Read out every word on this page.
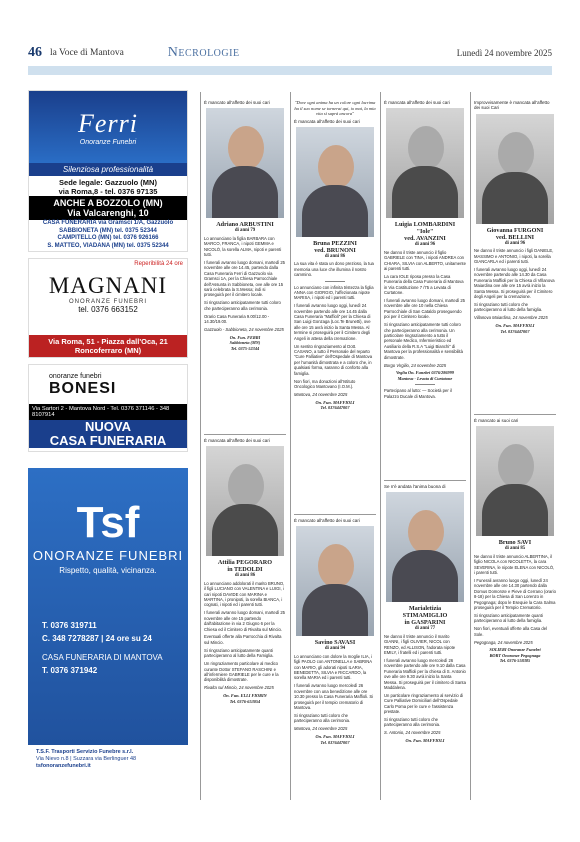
46 la Voce di Mantova	Necrologie	Lunedì 24 novembre 2025
Ferri
Onoranze Funebri
Silenziosa professionalità
Sede legale: Gazzuolo (MN)
via Roma,8 - tel. 0376 97135
ANCHE A BOZZOLO (MN)
Via Valcarenghi, 10
CASA FUNERARIA via Gramsci 1/A, Gazzuolo
SABBIONETA (MN) tel. 0375 52344
CAMPITELLO (MN) tel. 0376 926166
S. MATTEO, VIADANA (MN) tel. 0375 52344
Reperibilità 24 ore
MAGNANI
ONORANZE FUNEBRI
tel. 0376 663152
Via Roma, 51 - Piazza dall'Oca, 21
Roncoferraro (MN)
onoranze funebri
BONESI
Via Sartori 2 - Mantova Nord - Tel. 0376 371146 - 348 8107914
NUOVA
CASA FUNERARIA
Tsf
ONORANZE FUNEBRI
Rispetto, qualità, vicinanza.
T. 0376 319711
C. 348 7278287 | 24 ore su 24
CASA FUNERARIA DI MANTOVA
T. 0376 371942
T.S.F. Trasporti Servizio Funebre s.r.l.
Via Nievo n.8 | Suzzara via Berlinguer 48
tsfonoranzefunebri.it
È mancato all'affetto dei suoi cari
Adriano ARBUSTINI
di anni 79

Lo annunciano la figlia BARBARA con MARCO, FRANCA, i nipoti GEMMA e NICOLÒ, la sorella ALMA, nipoti e parenti tutti.

I funerali avranno luogo domani, martedì 25 novembre alle ore 14.45, partendo dalla Casa Funeraria Ferri di Gazzuolo via Gramsci 1A, per la Chiesa Parrocchiale dell'Assunta in Sabbioneta, ove alle ore 15 sarà celebrata la S.Messa; indi si proseguirà per il cimitero locale.

Si ringraziano anticipatamente tutti coloro che parteciperanno alla cerimonia.

Orario Casa Funeraria 9.00/12.00 - 14.30/19.00.

Gazzuolo - Sabbioneta, 24 novembre 2025

On. Fun. FERRI
Sabbioneta (MN)
Tel. 0375-52344
È mancata all'affetto dei suoi cari
Attilia PEGORARO
in TEDOLDI
di anni 86

Lo annunciano addolorati il marito BRUNO, il figli LUCIANO con VALENTINA e LUIGI, i cari nipoti DAVIDE con MARINA e MARTINA, i pronipoti, la sorella BIANCA, i cognati, i nipoti ed i parenti tutti.

I funerali avranno luogo domani, martedì 25 novembre alle ore 15 partendo dall'abitazione in via 2 Giugno 6 per la Chiesa ed il Cimitero di Rivalta sul Mincio.

Eventuali offerte alla Parrocchia di Rivalta sul Mincio.

Si ringraziano anticipatamente quanti parteciperanno al lutto della Famiglia.

Un ringraziamento particolare al medico curante Dottor STEFANO RASCHINI e all'infermiere GABRIELE per le cure e la disponibilità dimostrate.

Rivalta sul Mincio, 24 novembre 2025

On. Fun. ELLI FIORIN
Tel. 0376-653054
"Dove ogni anima ha un colore ogni lacrima ha il suo nome se tornerai qui, io mai, la mia vita sì saprà ancora"
È mancata all'affetto dei suoi cari
Bruna PEZZINI
ved. BRUNONI
di anni 86

La sua vita è stata un dono prezioso, la tua memoria una luce che illumina il nostro cammino.

Lo annunciano con infinita tristezza la figlia ANNA con GIORGIO, l'affezionata nipote MARISA, i nipoti ed i parenti tutti.

I funerali avranno luogo oggi, lunedì 24 novembre partendo alle ore 14.45 dalla Casa Funeraria "Maffioli" per la Chiesa di San Luigi Gonzaga (Loc.Te Brunetti), ove alle ore 15 avrà inizio la Santa Messa. Al termine si proseguirà per il Cimitero degli Angeli in attesa della cremazione.

Un sentito ringraziamento al Dott. CASANO, a tutto il Personale del reparto "Cure Palliative" dell'Ospedale di Mantova per l'umanità dimostrata e a coloro che, in qualsiasi forma, saranno di conforto alla famiglia.

Non fiori, ma donazioni all'Istituto Oncologico Mantovano (I.O.M.).

Mantova, 24 novembre 2025

On. Fun. MAFFIOLI
Tel. 0376447007
È mancato all'affetto dei suoi cari
Savino SAVASI
di anni 94

Lo annunciano con dolore la moglie ILIA, i figli PAOLO con ANTONELLA e SABRINA con MARIO, gli adorati nipoti ILARIA, BENEDETTA, SILVIA e RICCARDO, la sorella MARIA ed i parenti tutti.

I funerali avranno luogo mercoledì 26 novembre con una benedizione alle ore 10.30 presso la Casa Funeraria Maffioli. Si proseguirà per il tempio crematorio di Mantova.

Si ringraziano tutti coloro che parteciperanno alla cerimonia.

Mantova, 24 novembre 2025

On. Fun. MAFFIOLI
Tel. 0376447007
È mancata all'affetto dei suoi cari
Luigia LOMBARDINI
"Iole"
ved. AVANZINI
di anni 96

Ne danno il triste annuncio il figlio GABRIELE con TINA, i nipoti ANDREA con CHIARA, SILVIA con ALBERTO, unitamente ai parenti tutti.

La cara IOLE riposa presso la Casa Funeraria della Casa Funeraria di Mantova in Via Costituzione 7 /75 a Levata di Curtatone.

I funerali avranno luogo domani, martedì 25 novembre alle ore 10 nella Chiesa Parrocchiale di San Cataldo proseguendo poi per il Cimitero locale.

Si ringraziano anticipatamente tutti coloro che parteciperanno alla cerimonia. Un particolare ringraziamento a tutto il personale Medico, Infermieristico ed Ausiliario della R.S.A "Luigi Bianchi" di Mantova per la professionalità e sensibilità dimostrate.

Borgo Virgilio, 24 novembre 2025

Veglia On. Funebri 0376/286999
Mantova - Levata di Curtatone

Partecipano al lutto: — Società per il Palazzo Ducale di Mantova.

Se n'è andata l'anima buona di
Marialetizia
STIMAMIGLIO
in GASPARINI
di anni 77

Ne danno il triste annuncio il marito GIANNI, i figli OLIVIER, NICOL con RENZO, ed ALLISON, l'adorata nipote EMILY, i fratelli ed i parenti tutti.

I funerali avranno luogo mercoledì 26 novembre partendo alle ore 9.10 dalla Casa Funeraria Maffioli per la chiesa di S. Antonio ove alle ore 9.30 avrà inizio la Santa Messa. Si proseguirà per il cimitero di Santa Maddalena.

Un particolare ringraziamento al servizio di Cure Palliative Domiciliari dell'Ospedale Carlo Poma per le cure e l'assistenza prestate.

Si ringraziano tutti coloro che parteciperanno alla cerimonia.

S. Antonio, 24 novembre 2025

On. Fun. MAFFIOLI
Improvvisamente è mancata all'affetto dei suoi Cari
Giovanna FURGONI
ved. BELLINI
di anni 96

Ne danno il triste annuncio i figli DANIELE, MASSIMO e ANTONIO, i nipoti, la sorella GIANCARLA ed i parenti tutti.

I funerali avranno luogo oggi, lunedì 24 novembre partendo alle 14.30 da Casa Funeraria Maffioli per la Chiesa di Villanova Maiardina ove alle ore 15 avrà inizio la Santa Messa. Si proseguirà per il Cimitero degli Angeli per la cremazione.

Si ringraziano tutti coloro che parteciperanno al lutto della famiglia.

Villanova Maiardina, 24 novembre 2025

On. Fun. MAFFIOLI
Tel. 0376447007
È mancato ai suoi cari
Bruno SAVI
di anni 85

Ne danno il triste annuncio ALBERTINA, il figlio NICOLA con NICOLETTA, la cara SEVERINA, le nipote ELENA con NICOLÒ, i parenti tutti.

I Funerali avranno luogo oggi, lunedì 24 novembre alle ore 14.30 partendo dalla Domus Domorote e Pieve di Cerrano (orario 8-18) per la Chiesa di San Lorenzo in Pegognaga; dopo le Esequie la Cara Salma proseguirà per il Tempio Crematorio.

Si ringraziano anticipatamente quanti parteciperanno al lutto della famiglia.

Non fiori, eventuali offerte alla Casa del Sole.

Pegognaga, 24 novembre 2025

SOLIERI Onoranze Funebri
BORT Onoranze Pegognaga
Tel. 0376-558385
